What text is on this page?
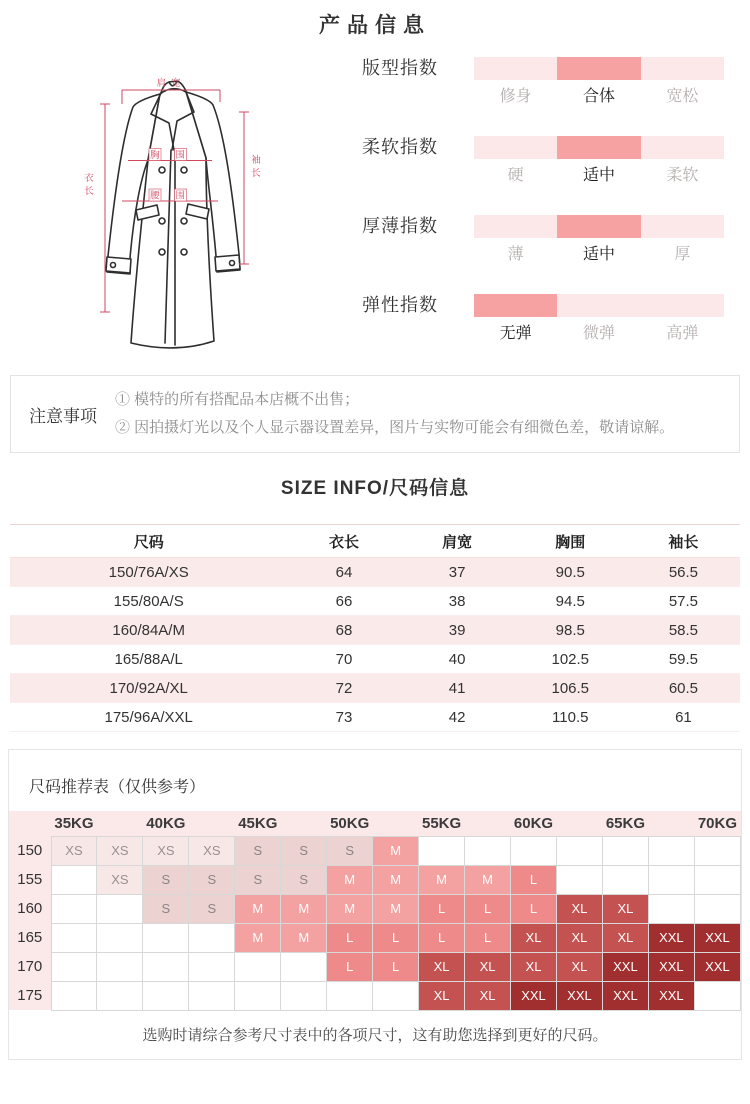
产品信息
肩宽
衣
长
袖
长
胸围
腰围
版型指数
修身	合体	宽松
柔软指数
硬	适中	柔软
厚薄指数
薄	适中	厚
弹性指数
无弹	微弹	高弹
注意事项
① 模特的所有搭配品本店概不出售；
② 因拍摄灯光以及个人显示器设置差异，图片与实物可能会有细微色差，敬请谅解。
SIZE INFO/尺码信息
尺码	衣长	肩宽	胸围	袖长
150/76A/XS	64	37	90.5	56.5
155/80A/S	66	38	94.5	57.5
160/84A/M	68	39	98.5	58.5
165/88A/L	70	40	102.5	59.5
170/92A/XL	72	41	106.5	60.5
175/96A/XXL	73	42	110.5	61
尺码推荐表（仅供参考）
	35KG		40KG		45KG		50KG		55KG		60KG		65KG		70KG
150	XS	XS	XS	XS	S	S	S	M							
155		XS	S	S	S	S	M	M	M	M	L				
160			S	S	M	M	M	M	L	L	L	XL	XL		
165					M	M	L	L	L	L	XL	XL	XL	XXL	XXL
170							L	L	XL	XL	XL	XL	XXL	XXL	XXL
175									XL	XL	XXL	XXL	XXL	XXL	
选购时请综合参考尺寸表中的各项尺寸，这有助您选择到更好的尺码。
